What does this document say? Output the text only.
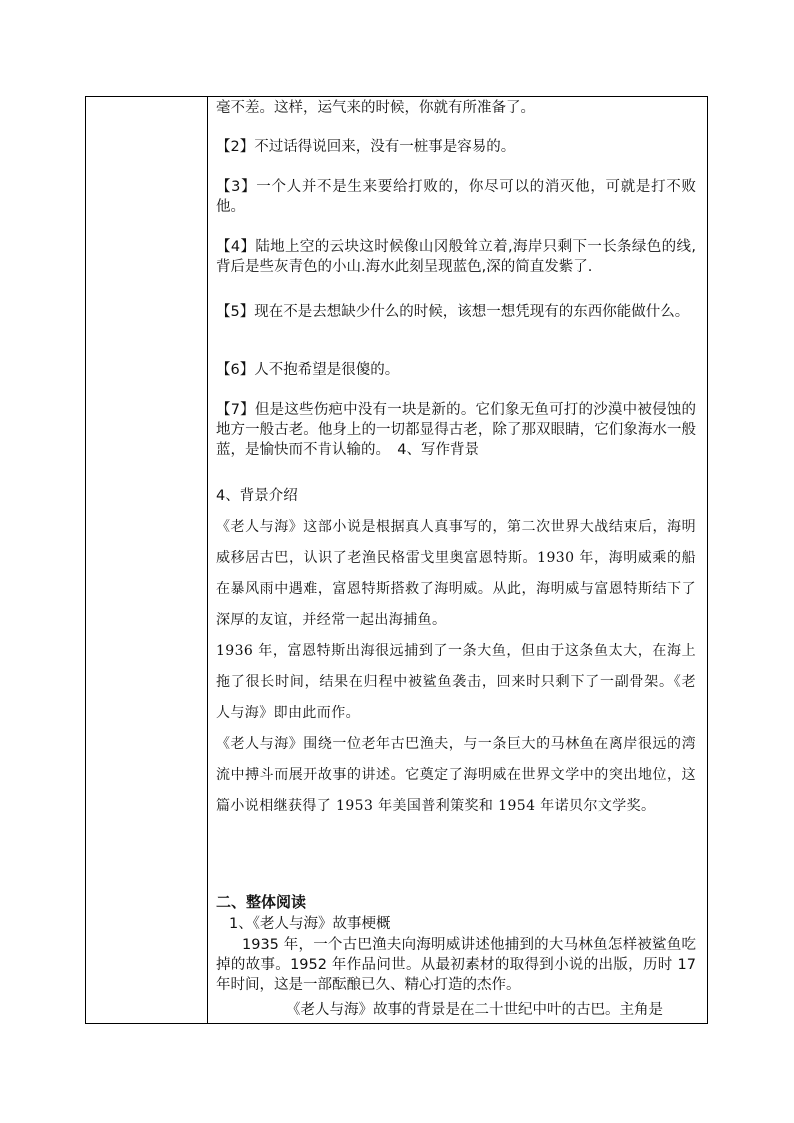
毫不差。这样，运气来的时候，你就有所准备了。

【2】不过话得说回来，没有一桩事是容易的。

【3】一个人并不是生来要给打败的，你尽可以的消灭他，可就是打不败他。

【4】陆地上空的云块这时候像山冈般耸立着,海岸只剩下一长条绿色的线,背后是些灰青色的小山.海水此刻呈现蓝色,深的简直发紫了.

【5】现在不是去想缺少什么的时候，该想一想凭现有的东西你能做什么。

【6】人不抱希望是很傻的。

【7】但是这些伤疤中没有一块是新的。它们象无鱼可打的沙漠中被侵蚀的地方一般古老。他身上的一切都显得古老，除了那双眼睛，它们象海水一般蓝，是愉快而不肯认输的。　4、写作背景

4、背景介绍

《老人与海》这部小说是根据真人真事写的，第二次世界大战结束后，海明威移居古巴，认识了老渔民格雷戈里奥富恩特斯。1930 年，海明威乘的船在暴风雨中遇难，富恩特斯搭救了海明威。从此，海明威与富恩特斯结下了深厚的友谊，并经常一起出海捕鱼。

1936 年，富恩特斯出海很远捕到了一条大鱼，但由于这条鱼太大，在海上拖了很长时间，结果在归程中被鲨鱼袭击，回来时只剩下了一副骨架。《老人与海》即由此而作。

《老人与海》围绕一位老年古巴渔夫，与一条巨大的马林鱼在离岸很远的湾流中搏斗而展开故事的讲述。它奠定了海明威在世界文学中的突出地位，这篇小说相继获得了 1953 年美国普利策奖和 1954 年诺贝尔文学奖。

二、整体阅读

1、《老人与海》故事梗概

1935 年，一个古巴渔夫向海明威讲述他捕到的大马林鱼怎样被鲨鱼吃掉的故事。1952 年作品问世。从最初素材的取得到小说的出版，历时 17 年时间，这是一部酝酿已久、精心打造的杰作。

《老人与海》故事的背景是在二十世纪中叶的古巴。主角是
